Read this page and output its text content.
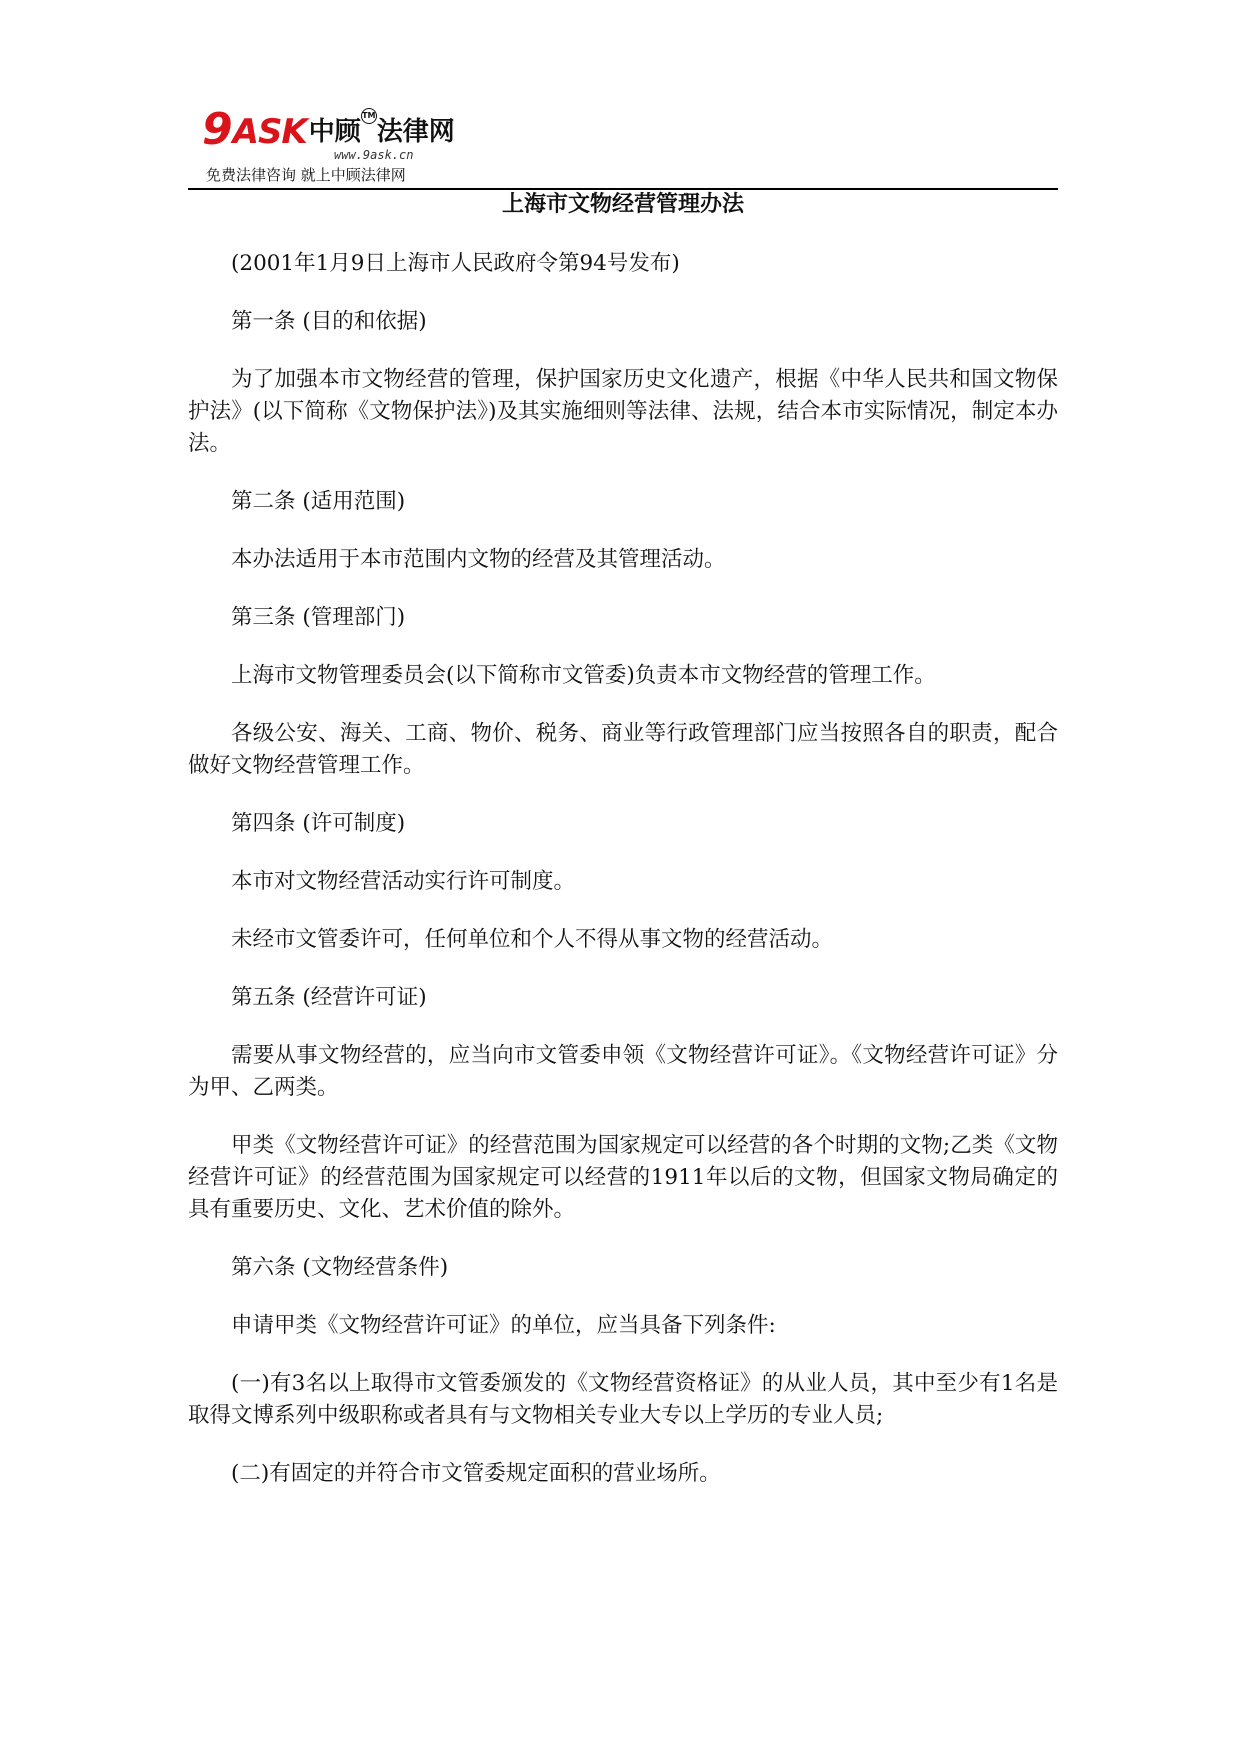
9 ASK 中顾
TM
法律网
www.9ask.cn
免费法律咨询 就上中顾法律网
上海市文物经营管理办法

(2001年1月9日上海市人民政府令第94号发布)

第一条 (目的和依据)

为了加强本市文物经营的管理，保护国家历史文化遗产，根据《中华人民共和国文物保护法》(以下简称《文物保护法》)及其实施细则等法律、法规，结合本市实际情况，制定本办法。

第二条 (适用范围)

本办法适用于本市范围内文物的经营及其管理活动。

第三条 (管理部门)

上海市文物管理委员会(以下简称市文管委)负责本市文物经营的管理工作。

各级公安、海关、工商、物价、税务、商业等行政管理部门应当按照各自的职责，配合做好文物经营管理工作。

第四条 (许可制度)

本市对文物经营活动实行许可制度。

未经市文管委许可，任何单位和个人不得从事文物的经营活动。

第五条 (经营许可证)

需要从事文物经营的，应当向市文管委申领《文物经营许可证》。《文物经营许可证》分为甲、乙两类。

甲类《文物经营许可证》的经营范围为国家规定可以经营的各个时期的文物;乙类《文物经营许可证》的经营范围为国家规定可以经营的1911年以后的文物，但国家文物局确定的具有重要历史、文化、艺术价值的除外。

第六条 (文物经营条件)

申请甲类《文物经营许可证》的单位，应当具备下列条件:

(一)有3名以上取得市文管委颁发的《文物经营资格证》的从业人员，其中至少有1名是取得文博系列中级职称或者具有与文物相关专业大专以上学历的专业人员;

(二)有固定的并符合市文管委规定面积的营业场所。
